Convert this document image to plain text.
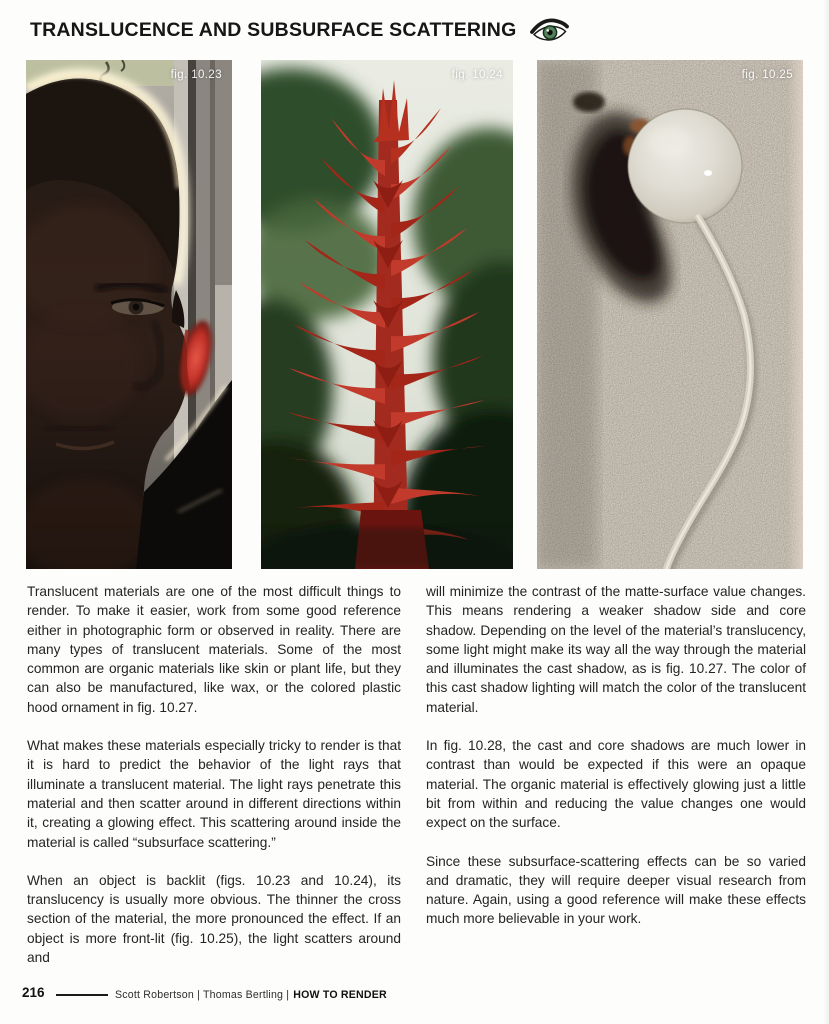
TRANSLUCENCE AND SUBSURFACE SCATTERING
fig. 10.23	fig. 10.24	fig. 10.25

Translucent materials are one of the most difficult things to render. To make it easier, work from some good reference either in photographic form or observed in reality. There are many types of translucent materials. Some of the most common are organic materials like skin or plant life, but they can also be manufactured, like wax, or the colored plastic hood ornament in fig. 10.27.

What makes these materials especially tricky to render is that it is hard to predict the behavior of the light rays that illuminate a translucent material. The light rays penetrate this material and then scatter around in different directions within it, creating a glowing effect. This scattering around inside the material is called “subsurface scattering.”

When an object is backlit (figs. 10.23 and 10.24), its translucency is usually more obvious. The thinner the cross section of the material, the more pronounced the effect. If an object is more front-lit (fig. 10.25), the light scatters around and

will minimize the contrast of the matte-surface value changes. This means rendering a weaker shadow side and core shadow. Depending on the level of the material’s translucency, some light might make its way all the way through the material and illuminates the cast shadow, as is fig. 10.27. The color of this cast shadow lighting will match the color of the translucent material.

In fig. 10.28, the cast and core shadows are much lower in contrast than would be expected if this were an opaque material. The organic material is effectively glowing just a little bit from within and reducing the value changes one would expect on the surface.

Since these subsurface-scattering effects can be so varied and dramatic, they will require deeper visual research from nature. Again, using a good reference will make these effects much more believable in your work.

216	Scott Robertson | Thomas Bertling | HOW TO RENDER
